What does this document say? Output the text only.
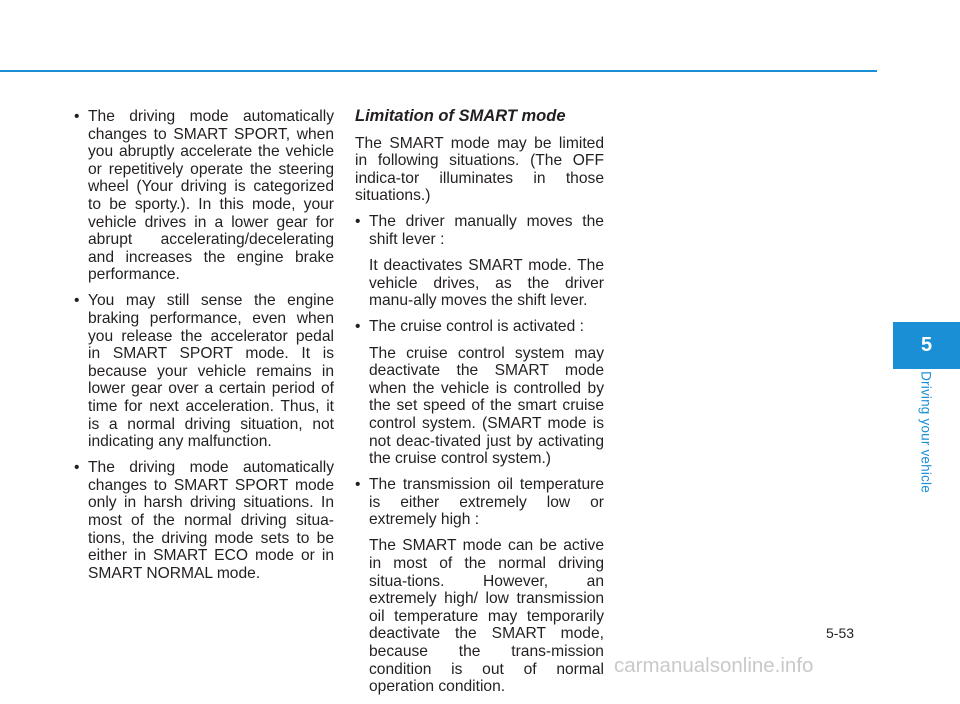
• The driving mode automatically changes to SMART SPORT, when you abruptly accelerate the vehicle or repetitively operate the steering wheel (Your driving is categorized to be sporty.). In this mode, your vehicle drives in a lower gear for abrupt accelerating/decelerating and increases the engine brake performance.

• You may still sense the engine braking performance, even when you release the accelerator pedal in SMART SPORT mode. It is because your vehicle remains in lower gear over a certain period of time for next acceleration. Thus, it is a normal driving situation, not indicating any malfunction.

• The driving mode automatically changes to SMART SPORT mode only in harsh driving situations. In most of the normal driving situa-tions, the driving mode sets to be either in SMART ECO mode or in SMART NORMAL mode.

Limitation of SMART mode

The SMART mode may be limited in following situations. (The OFF indica-tor illuminates in those situations.)

• The driver manually moves the shift lever :

It deactivates SMART mode. The vehicle drives, as the driver manu-ally moves the shift lever.

• The cruise control is activated :

The cruise control system may deactivate the SMART mode when the vehicle is controlled by the set speed of the smart cruise control system. (SMART mode is not deac-tivated just by activating the cruise control system.)

• The transmission oil temperature is either extremely low or extremely high :

The SMART mode can be active in most of the normal driving situa-tions. However, an extremely high/ low transmission oil temperature may temporarily deactivate the SMART mode, because the trans-mission condition is out of normal operation condition.

5
Driving your vehicle
5-53
carmanualsonline.info
